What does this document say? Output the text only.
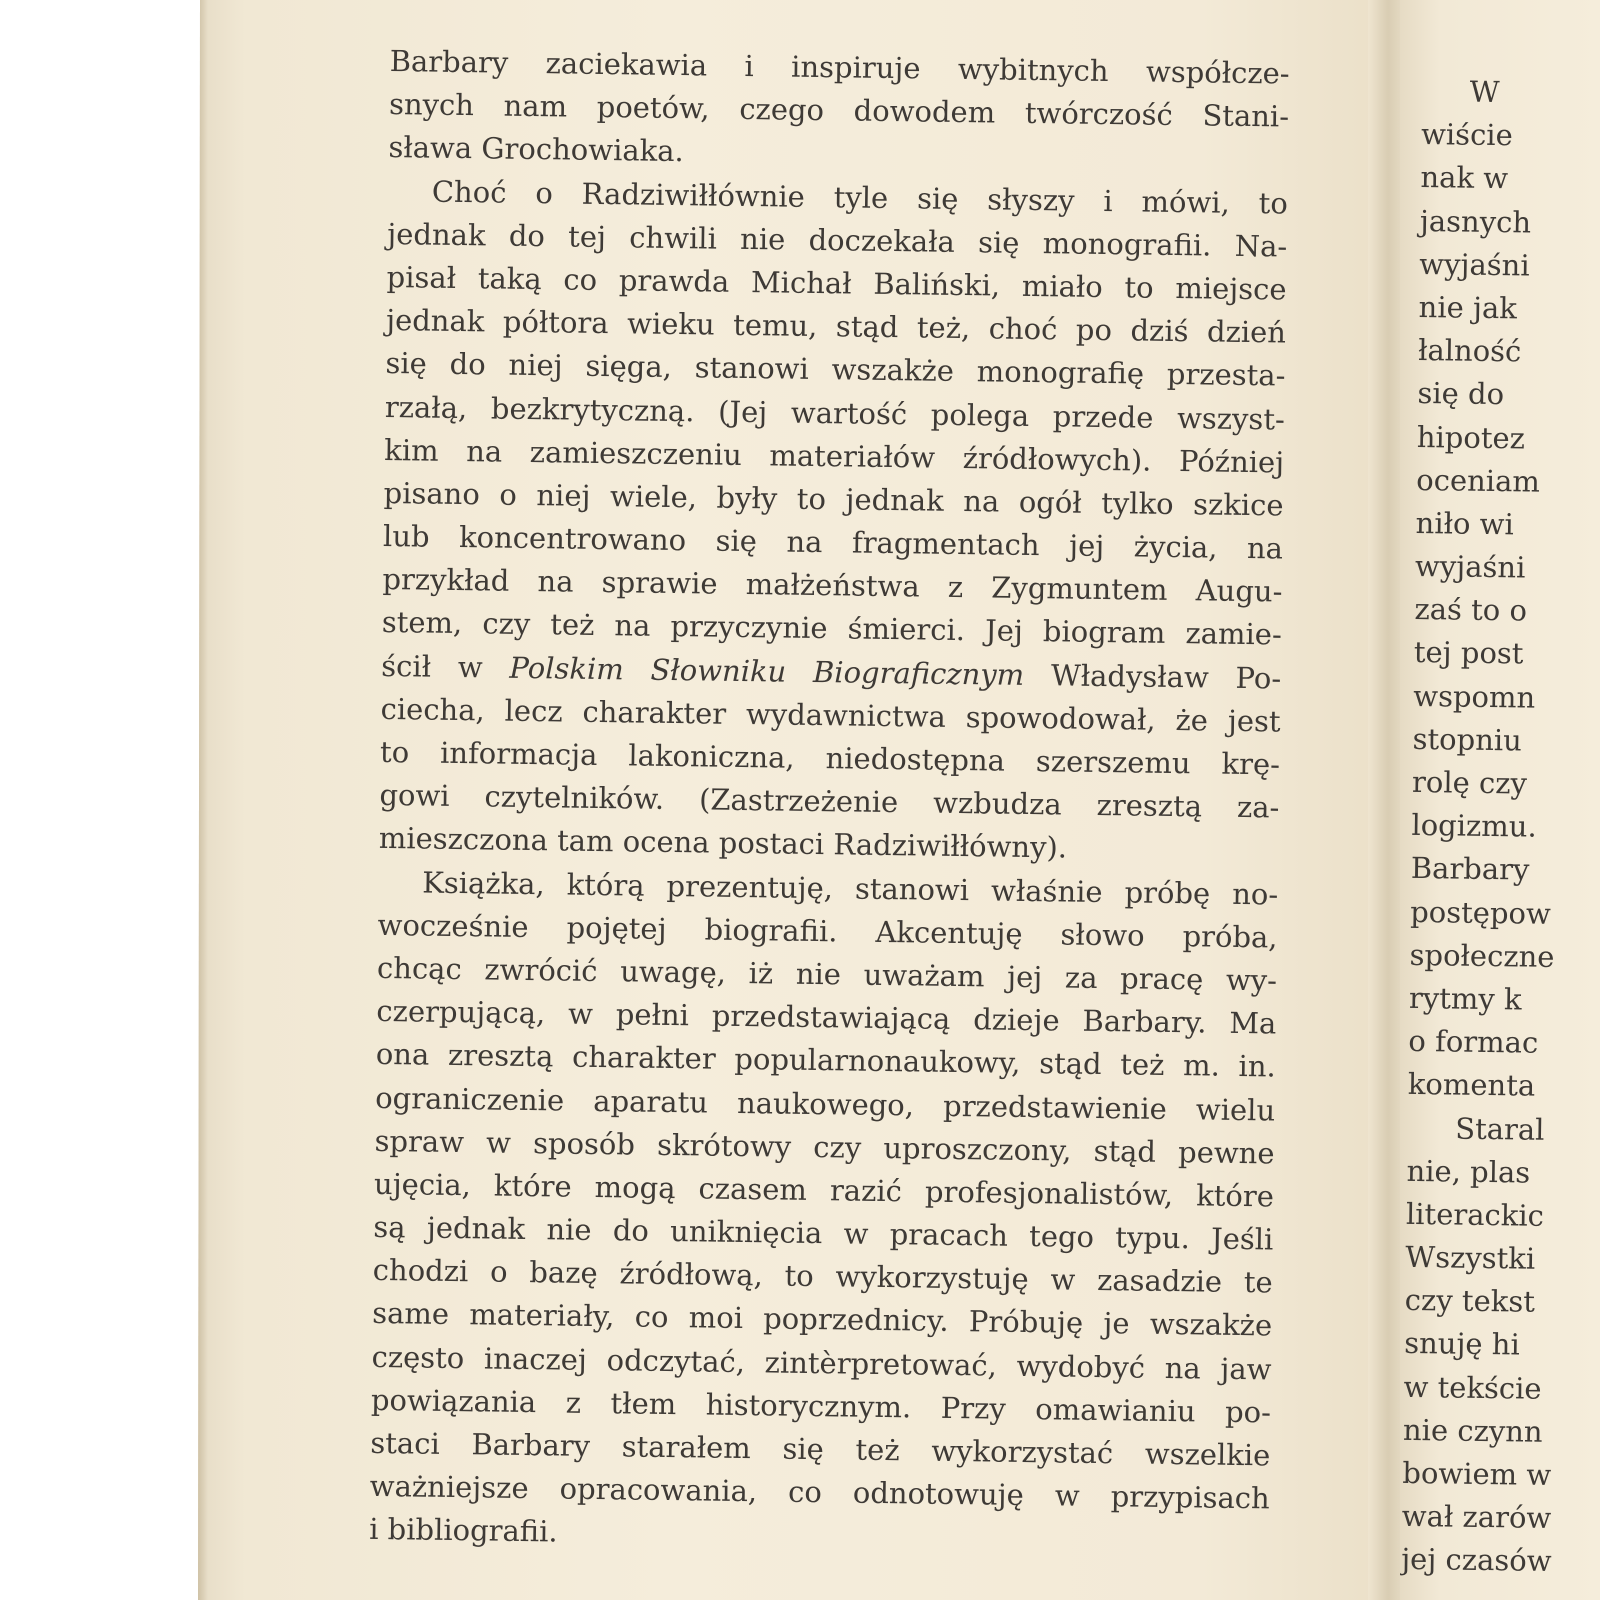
W
wiście
nak w
jasnych
wyjaśni
nie jak
łalność
się do
hipotez
oceniam
niło wi
wyjaśni
zaś to o
tej post
wspomn
stopniu
rolę czy
logizmu.
Barbary
postępow
społeczne
rytmy k
o formac
komenta
Staral
nie, plas
literackic
Wszystki
czy tekst
snuję hi
w tekście
nie czynn
bowiem w
wał zarów
jej czasów
Barbary zaciekawia i inspiruje wybitnych współcze-
snych nam poetów, czego dowodem twórczość Stani-
sława Grochowiaka.
Choć o Radziwiłłównie tyle się słyszy i mówi, to
jednak do tej chwili nie doczekała się monografii. Na-
pisał taką co prawda Michał Baliński, miało to miejsce
jednak półtora wieku temu, stąd też, choć po dziś dzień
się do niej sięga, stanowi wszakże monografię przesta-
rzałą, bezkrytyczną. (Jej wartość polega przede wszyst-
kim na zamieszczeniu materiałów źródłowych). Później
pisano o niej wiele, były to jednak na ogół tylko szkice
lub koncentrowano się na fragmentach jej życia, na
przykład na sprawie małżeństwa z Zygmuntem Augu-
stem, czy też na przyczynie śmierci. Jej biogram zamie-
ścił w Polskim Słowniku Biograficznym Władysław Po-
ciecha, lecz charakter wydawnictwa spowodował, że jest
to informacja lakoniczna, niedostępna szerszemu krę-
gowi czytelników. (Zastrzeżenie wzbudza zresztą za-
mieszczona tam ocena postaci Radziwiłłówny).
Książka, którą prezentuję, stanowi właśnie próbę no-
wocześnie pojętej biografii. Akcentuję słowo próba,
chcąc zwrócić uwagę, iż nie uważam jej za pracę wy-
czerpującą, w pełni przedstawiającą dzieje Barbary. Ma
ona zresztą charakter popularnonaukowy, stąd też m. in.
ograniczenie aparatu naukowego, przedstawienie wielu
spraw w sposób skrótowy czy uproszczony, stąd pewne
ujęcia, które mogą czasem razić profesjonalistów, które
są jednak nie do uniknięcia w pracach tego typu. Jeśli
chodzi o bazę źródłową, to wykorzystuję w zasadzie te
same materiały, co moi poprzednicy. Próbuję je wszakże
często inaczej odczytać, zintèrpretować, wydobyć na jaw
powiązania z tłem historycznym. Przy omawianiu po-
staci Barbary starałem się też wykorzystać wszelkie
ważniejsze opracowania, co odnotowuję w przypisach
i bibliografii.
